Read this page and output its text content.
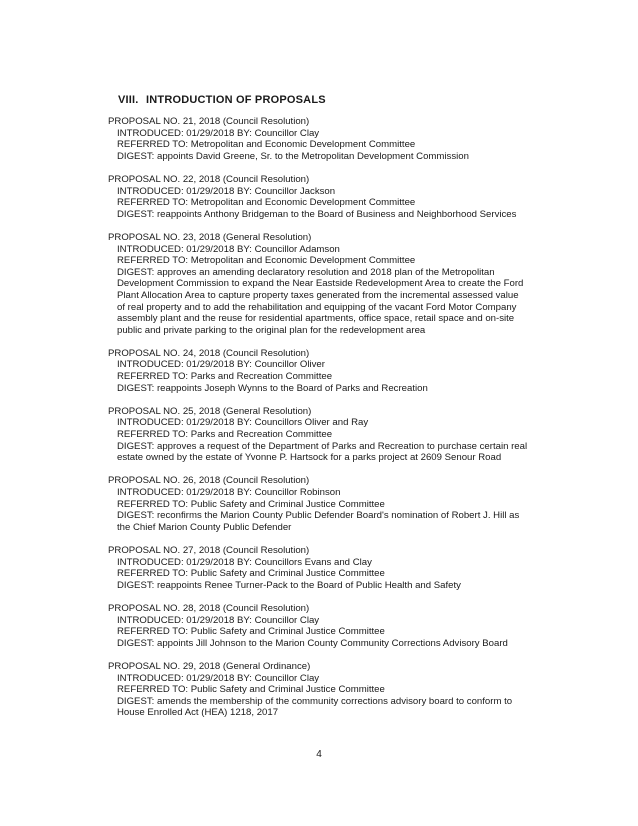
VIII. INTRODUCTION OF PROPOSALS
PROPOSAL NO. 21, 2018 (Council Resolution)
INTRODUCED: 01/29/2018 BY: Councillor Clay
REFERRED TO: Metropolitan and Economic Development Committee
DIGEST: appoints David Greene, Sr. to the Metropolitan Development Commission
PROPOSAL NO. 22, 2018 (Council Resolution)
INTRODUCED: 01/29/2018 BY: Councillor Jackson
REFERRED TO: Metropolitan and Economic Development Committee
DIGEST: reappoints Anthony Bridgeman to the Board of Business and Neighborhood Services
PROPOSAL NO. 23, 2018 (General Resolution)
INTRODUCED: 01/29/2018 BY: Councillor Adamson
REFERRED TO: Metropolitan and Economic Development Committee
DIGEST: approves an amending declaratory resolution and 2018 plan of the Metropolitan Development Commission to expand the Near Eastside Redevelopment Area to create the Ford Plant Allocation Area to capture property taxes generated from the incremental assessed value of real property and to add the rehabilitation and equipping of the vacant Ford Motor Company assembly plant and the reuse for residential apartments, office space, retail space and on-site public and private parking to the original plan for the redevelopment area
PROPOSAL NO. 24, 2018 (Council Resolution)
INTRODUCED: 01/29/2018 BY: Councillor Oliver
REFERRED TO: Parks and Recreation Committee
DIGEST: reappoints Joseph Wynns to the Board of Parks and Recreation
PROPOSAL NO. 25, 2018 (General Resolution)
INTRODUCED: 01/29/2018 BY: Councillors Oliver and Ray
REFERRED TO: Parks and Recreation Committee
DIGEST: approves a request of the Department of Parks and Recreation to purchase certain real estate owned by the estate of Yvonne P. Hartsock for a parks project at 2609 Senour Road
PROPOSAL NO. 26, 2018 (Council Resolution)
INTRODUCED: 01/29/2018 BY: Councillor Robinson
REFERRED TO: Public Safety and Criminal Justice Committee
DIGEST: reconfirms the Marion County Public Defender Board's nomination of Robert J. Hill as the Chief Marion County Public Defender
PROPOSAL NO. 27, 2018 (Council Resolution)
INTRODUCED: 01/29/2018 BY: Councillors Evans and Clay
REFERRED TO: Public Safety and Criminal Justice Committee
DIGEST: reappoints Renee Turner-Pack to the Board of Public Health and Safety
PROPOSAL NO. 28, 2018 (Council Resolution)
INTRODUCED: 01/29/2018 BY: Councillor Clay
REFERRED TO: Public Safety and Criminal Justice Committee
DIGEST: appoints Jill Johnson to the Marion County Community Corrections Advisory Board
PROPOSAL NO. 29, 2018 (General Ordinance)
INTRODUCED: 01/29/2018 BY: Councillor Clay
REFERRED TO: Public Safety and Criminal Justice Committee
DIGEST: amends the membership of the community corrections advisory board to conform to House Enrolled Act (HEA) 1218, 2017
4
